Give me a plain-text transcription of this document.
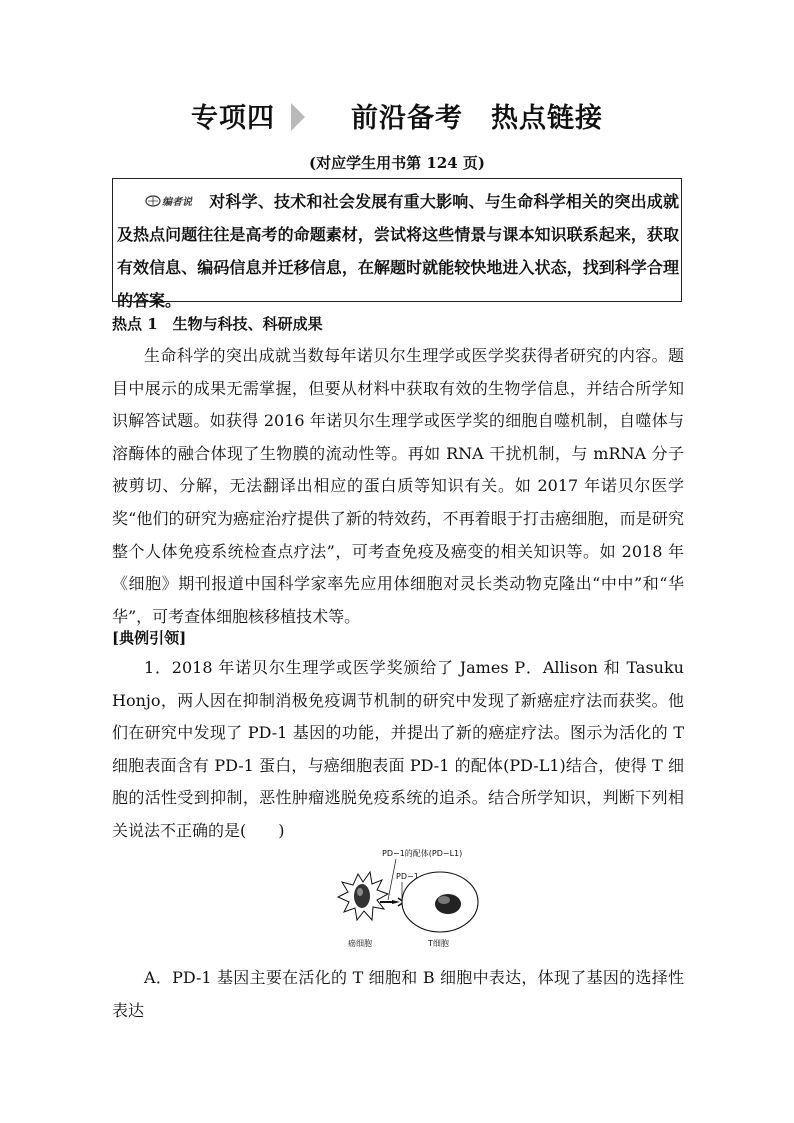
专项四	前沿备考　热点链接
(对应学生用书第 124 页)
编者说 对科学、技术和社会发展有重大影响、与生命科学相关的突出成就及热点问题往往是高考的命题素材，尝试将这些情景与课本知识联系起来，获取有效信息、编码信息并迁移信息，在解题时就能较快地进入状态，找到科学合理的答案。
热点 1　生物与科技、科研成果
生命科学的突出成就当数每年诺贝尔生理学或医学奖获得者研究的内容。题目中展示的成果无需掌握，但要从材料中获取有效的生物学信息，并结合所学知识解答试题。如获得 2016 年诺贝尔生理学或医学奖的细胞自噬机制，自噬体与溶酶体的融合体现了生物膜的流动性等。再如 RNA 干扰机制，与 mRNA 分子被剪切、分解，无法翻译出相应的蛋白质等知识有关。如 2017 年诺贝尔医学奖“他们的研究为癌症治疗提供了新的特效药，不再着眼于打击癌细胞，而是研究整个人体免疫系统检查点疗法”，可考查免疫及癌变的相关知识等。如 2018 年《细胞》期刊报道中国科学家率先应用体细胞对灵长类动物克隆出“中中”和“华华”，可考查体细胞核移植技术等。
[典例引领]
1．2018 年诺贝尔生理学或医学奖颁给了 James P．Allison 和 Tasuku Honjo，两人因在抑制消极免疫调节机制的研究中发现了新癌症疗法而获奖。他们在研究中发现了 PD-1 基因的功能，并提出了新的癌症疗法。图示为活化的 T 细胞表面含有 PD-1 蛋白，与癌细胞表面 PD-1 的配体(PD-L1)结合，使得 T 细胞的活性受到抑制，恶性肿瘤逃脱免疫系统的追杀。结合所学知识，判断下列相关说法不正确的是(　　)
PD−1的配体(PD−L1)
PD−1
癌细胞	T细胞
A．PD-1 基因主要在活化的 T 细胞和 B 细胞中表达，体现了基因的选择性表达
